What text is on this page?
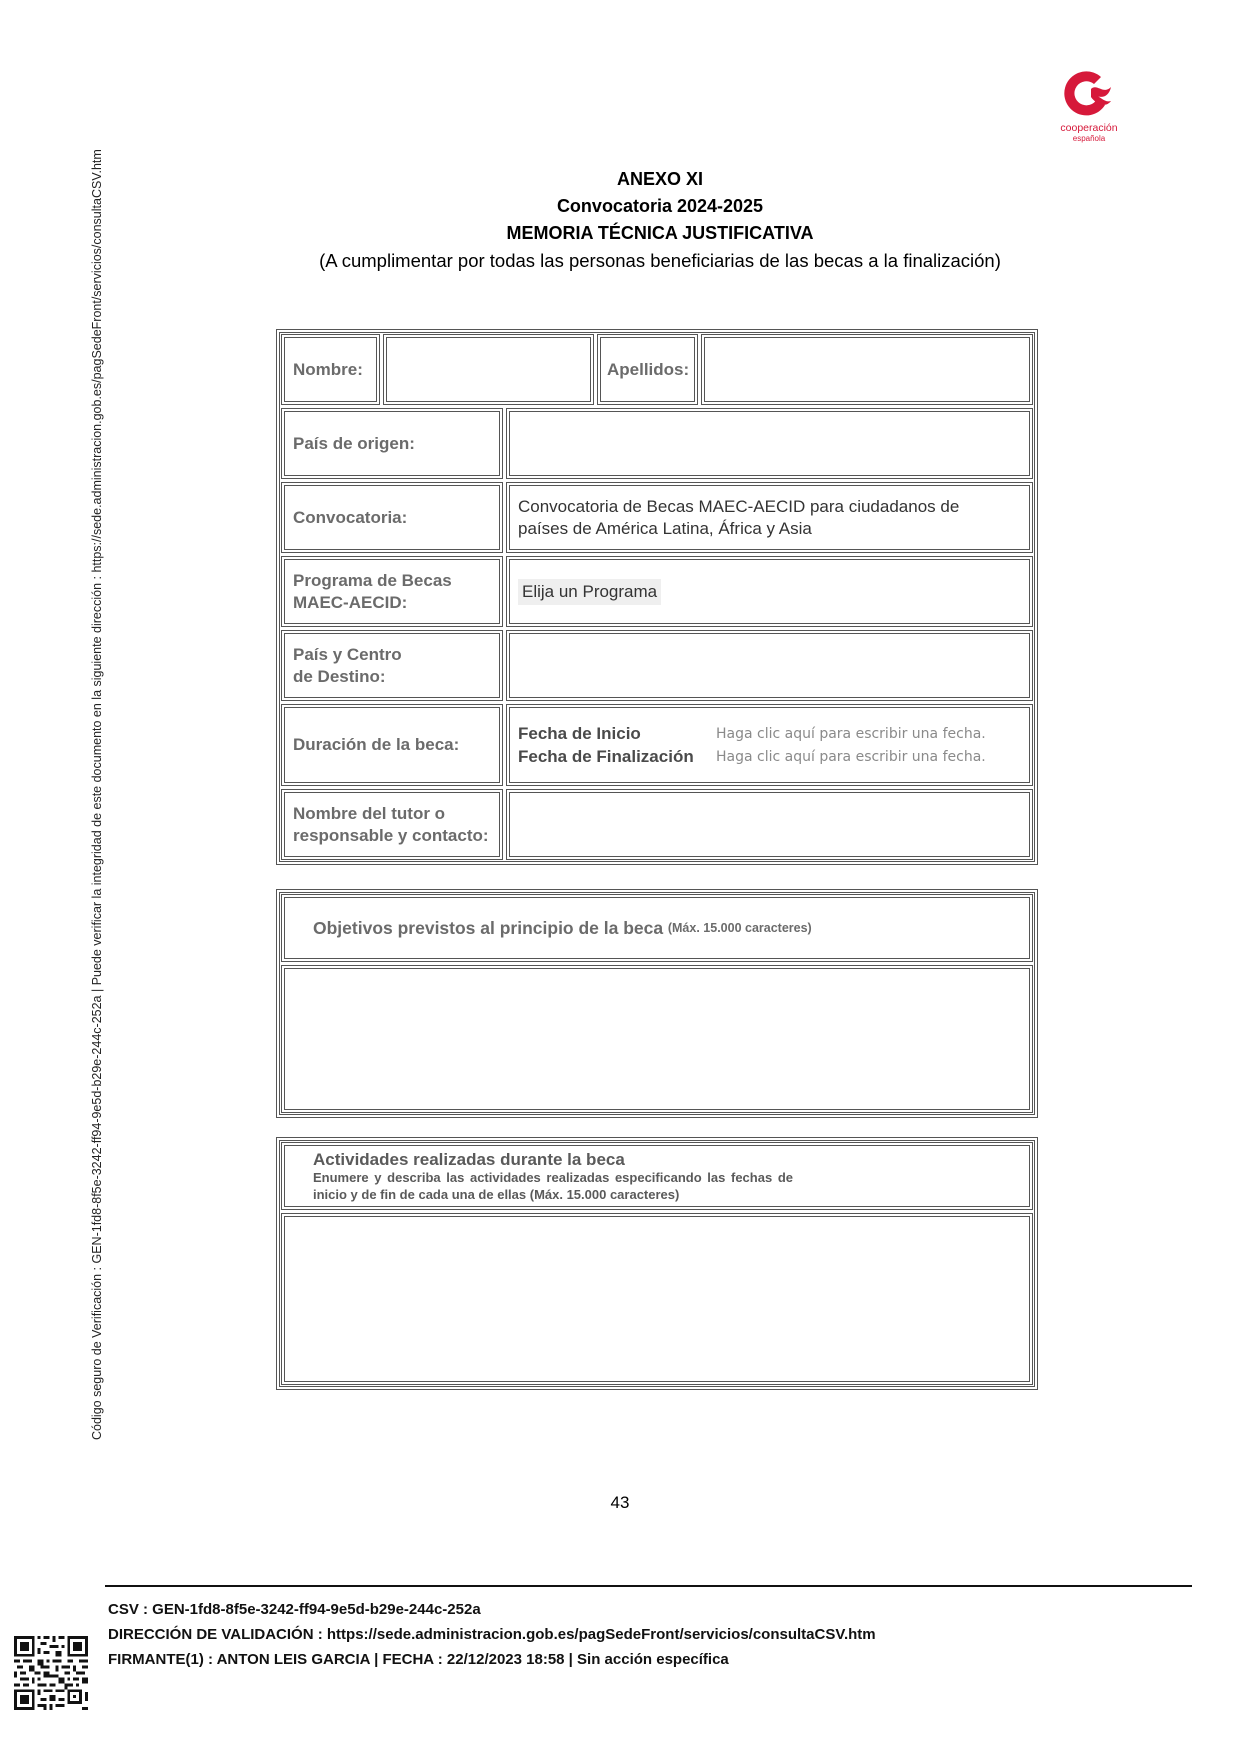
Código seguro de Verificación : GEN-1fd8-8f5e-3242-ff94-9e5d-b29e-244c-252a | Puede verificar la integridad de este documento en la siguiente dirección : https://sede.administracion.gob.es/pagSedeFront/servicios/consultaCSV.htm
cooperación
española
ANEXO XI
Convocatoria 2024-2025
MEMORIA TÉCNICA JUSTIFICATIVA
(A cumplimentar por todas las personas beneficiarias de las becas a la finalización)
Nombre:	Apellidos:
País de origen:
Convocatoria:
Convocatoria de Becas MAEC-AECID para ciudadanos de países de América Latina, África y Asia
Programa de Becas MAEC-AECID:
Elija un Programa
País y Centro de Destino:
Duración de la beca:
Fecha de Inicio	Haga clic aquí para escribir una fecha.
Fecha de Finalización	Haga clic aquí para escribir una fecha.
Nombre del tutor o responsable y contacto:
Objetivos previstos al principio de la beca
(Máx. 15.000 caracteres)
Actividades realizadas durante la beca
Enumere y describa las actividades realizadas especificando las fechas de inicio y de fin de cada una de ellas (Máx. 15.000 caracteres)
43
CSV : GEN-1fd8-8f5e-3242-ff94-9e5d-b29e-244c-252a
DIRECCIÓN DE VALIDACIÓN : https://sede.administracion.gob.es/pagSedeFront/servicios/consultaCSV.htm
FIRMANTE(1) : ANTON LEIS GARCIA | FECHA : 22/12/2023 18:58 | Sin acción específica
